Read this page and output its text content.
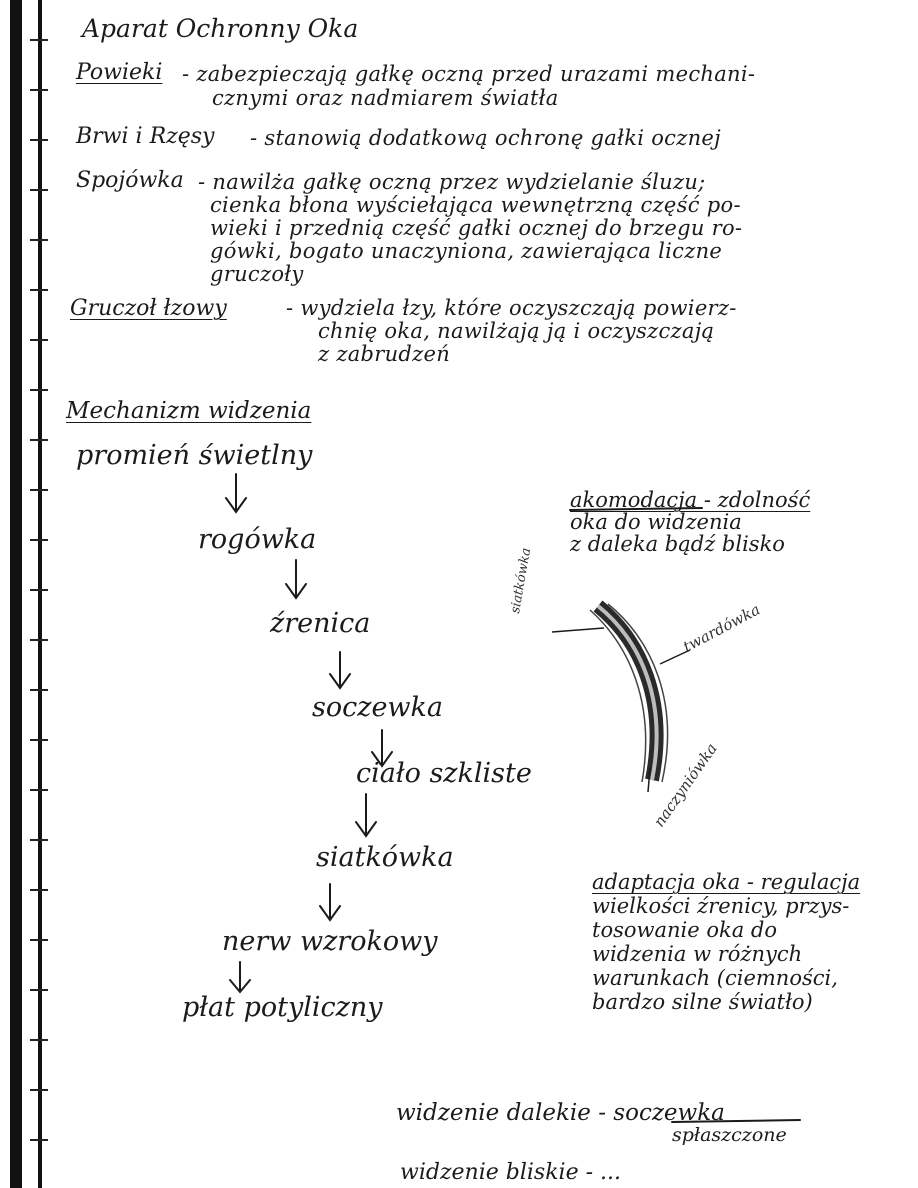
Aparat Ochronny Oka
Powieki - zabezpieczają gałkę oczną przed urazami mechani-
cznymi oraz nadmiarem światła
Brwi i Rzęsy - stanowią dodatkową ochronę gałki ocznej
Spojówka - nawilża gałkę oczną przez wydzielanie śluzu;
cienka błona wyściełająca wewnętrzną część po-
wieki i przednią część gałki ocznej do brzegu ro-
gówki, bogato unaczyniona, zawierająca liczne
gruczoły
Gruczoł łzowy	- wydziela łzy, które oczyszczają powierz-
chnię oka, nawilżają ją i oczyszczają
z zabrudzeń
Mechanizm widzenia
promień świetlny
rogówka
źrenica
soczewka
ciało szkliste
siatkówka
nerw wzrokowy
płat potyliczny
akomodacja - zdolność
oka do widzenia
z daleka bądź blisko
adaptacja oka - regulacja
wielkości źrenicy, przys-
tosowanie oka do
widzenia w różnych
warunkach (ciemności,
bardzo silne światło)
widzenie dalekie - soczewka
spłaszczone
widzenie bliskie - ...
siatkówka
twardówka
naczyniówka
